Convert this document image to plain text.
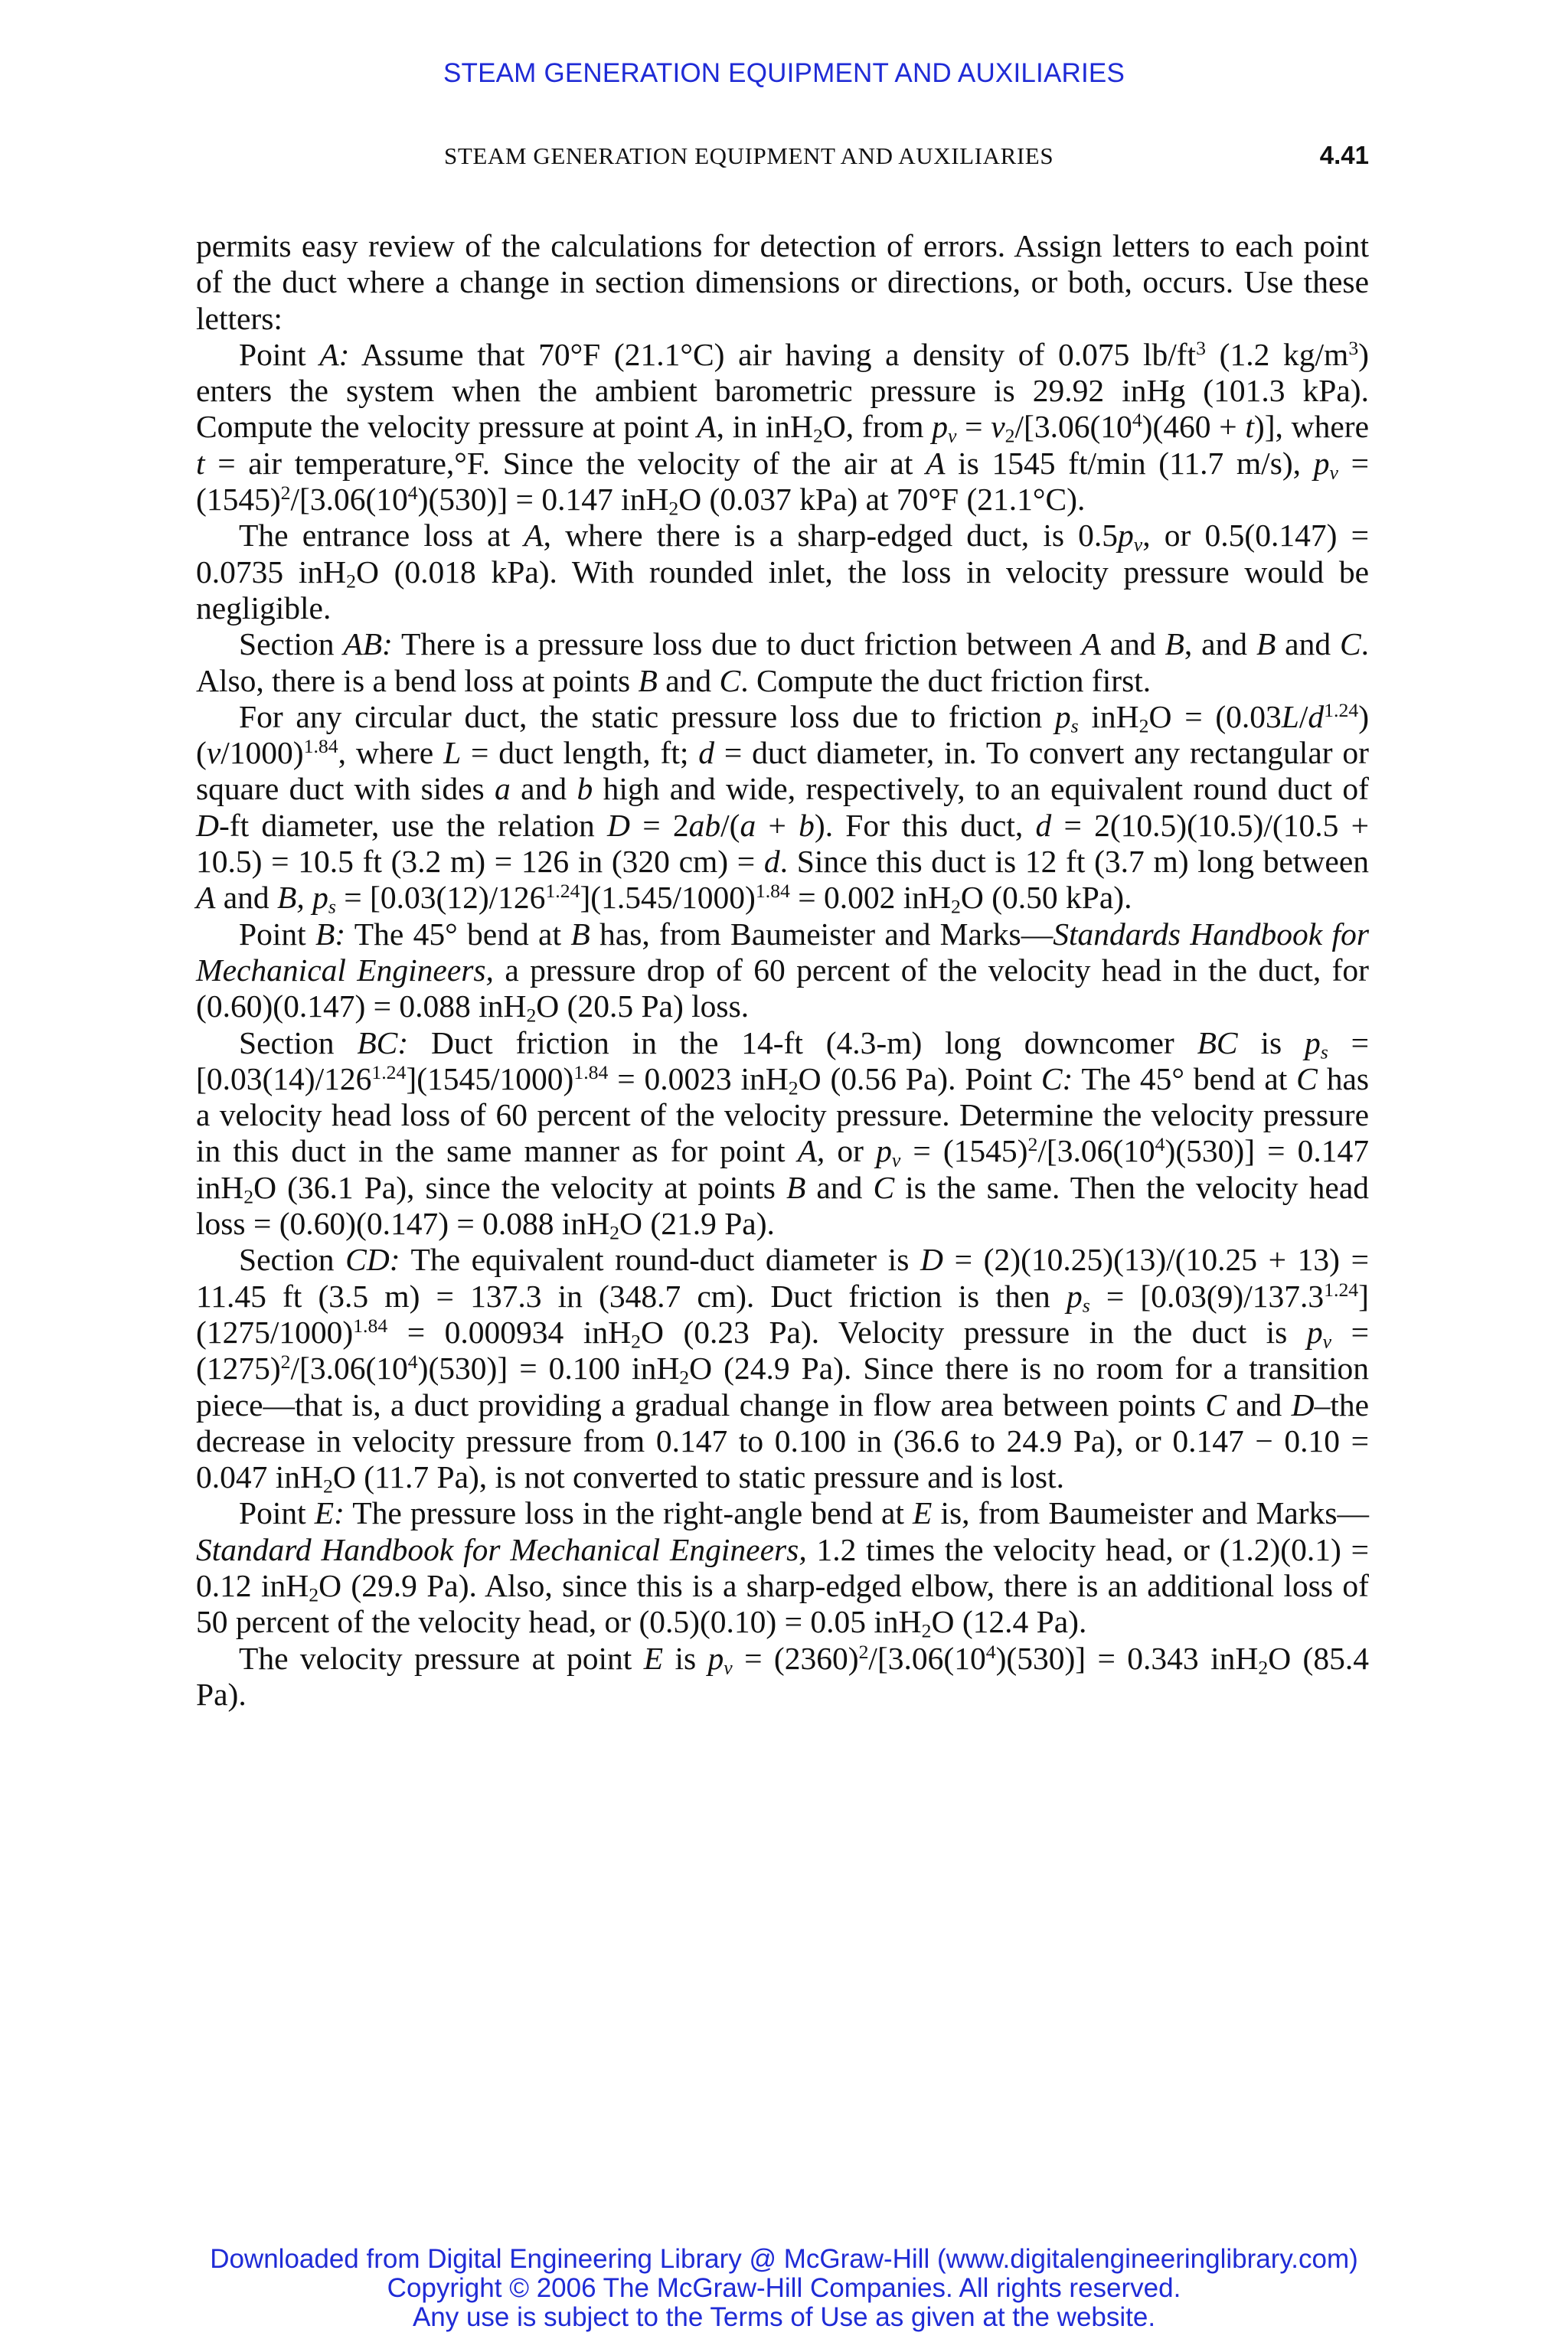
STEAM GENERATION EQUIPMENT AND AUXILIARIES
STEAM GENERATION EQUIPMENT AND AUXILIARIES	4.41

permits easy review of the calculations for detection of errors. Assign letters to each point of the duct where a change in section dimensions or directions, or both, occurs. Use these letters:

Point A: Assume that 70°F (21.1°C) air having a density of 0.075 $lb/ft^3$ (1.2 $kg/m^3$) enters the system when the ambient barometric pressure is 29.92 inHg (101.3 kPa). Compute the velocity pressure at point A, in inH$_2$O, from $p_v = v_2/[3.06(10^4)(460 + t)]$, where t = air temperature,°F. Since the velocity of the air at A is 1545 ft/min (11.7 m/s), $p_v = (1545)^2/[3.06(10^4)(530)] = 0.147$ inH$_2$O (0.037 kPa) at 70°F (21.1°C).

The entrance loss at A, where there is a sharp-edged duct, is $0.5p_v$, or 0.5(0.147) = 0.0735 inH$_2$O (0.018 kPa). With rounded inlet, the loss in velocity pressure would be negligible.

Section AB: There is a pressure loss due to duct friction between A and B, and B and C. Also, there is a bend loss at points B and C. Compute the duct friction first.

For any circular duct, the static pressure loss due to friction $p_s$ $inH_2O = (0.03L/d^{1.24})(v/1000)^{1.84}$, where L = duct length, ft; d = duct diameter, in. To convert any rectangular or square duct with sides a and b high and wide, respectively, to an equivalent round duct of D-ft diameter, use the relation D = 2ab/(a + b). For this duct, d = 2(10.5)(10.5)/(10.5 + 10.5) = 10.5 ft (3.2 m) = 126 in (320 cm) = d. Since this duct is 12 ft (3.7 m) long between A and B, $p_s = [0.03(12)/126^{1.24}](1.545/1000)^{1.84} = 0.002$ inH$_2$O (0.50 kPa).

Point B: The 45° bend at B has, from Baumeister and Marks—Standards Handbook for Mechanical Engineers, a pressure drop of 60 percent of the velocity head in the duct, for (0.60)(0.147) = 0.088 inH$_2$O (20.5 Pa) loss.

Section BC: Duct friction in the 14-ft (4.3-m) long downcomer BC is $p_s = [0.03(14)/126^{1.24}](1545/1000)^{1.84} = 0.0023$ inH$_2$O (0.56 Pa). Point C: The 45° bend at C has a velocity head loss of 60 percent of the velocity pressure. Determine the velocity pressure in this duct in the same manner as for point A, or $p_v = (1545)^2/[3.06(10^4)(530)] = 0.147$ inH$_2$O (36.1 Pa), since the velocity at points B and C is the same. Then the velocity head loss = (0.60)(0.147) = 0.088 inH$_2$O (21.9 Pa).

Section CD: The equivalent round-duct diameter is D = (2)(10.25)(13)/(10.25 + 13) = 11.45 ft (3.5 m) = 137.3 in (348.7 cm). Duct friction is then $p_s = [0.03(9)/137.3^{1.24}](1275/1000)^{1.84} = 0.000934$ inH$_2$O (0.23 Pa). Velocity pressure in the duct is $p_v = (1275)^2/[3.06(10^4)(530)] = 0.100$ inH$_2$O (24.9 Pa). Since there is no room for a transition piece—that is, a duct providing a gradual change in flow area between points C and D–the decrease in velocity pressure from 0.147 to 0.100 in (36.6 to 24.9 Pa), or 0.147 − 0.10 = 0.047 inH$_2$O (11.7 Pa), is not converted to static pressure and is lost.

Point E: The pressure loss in the right-angle bend at E is, from Baumeister and Marks—Standard Handbook for Mechanical Engineers, 1.2 times the velocity head, or (1.2)(0.1) = 0.12 inH$_2$O (29.9 Pa). Also, since this is a sharp-edged elbow, there is an additional loss of 50 percent of the velocity head, or (0.5)(0.10) = 0.05 inH$_2$O (12.4 Pa).

The velocity pressure at point E is $p_v = (2360)^2/[3.06(10^4)(530)] = 0.343$ inH$_2$O (85.4 Pa).

Downloaded from Digital Engineering Library @ McGraw-Hill (www.digitalengineeringlibrary.com)
Copyright © 2006 The McGraw-Hill Companies. All rights reserved.
Any use is subject to the Terms of Use as given at the website.
